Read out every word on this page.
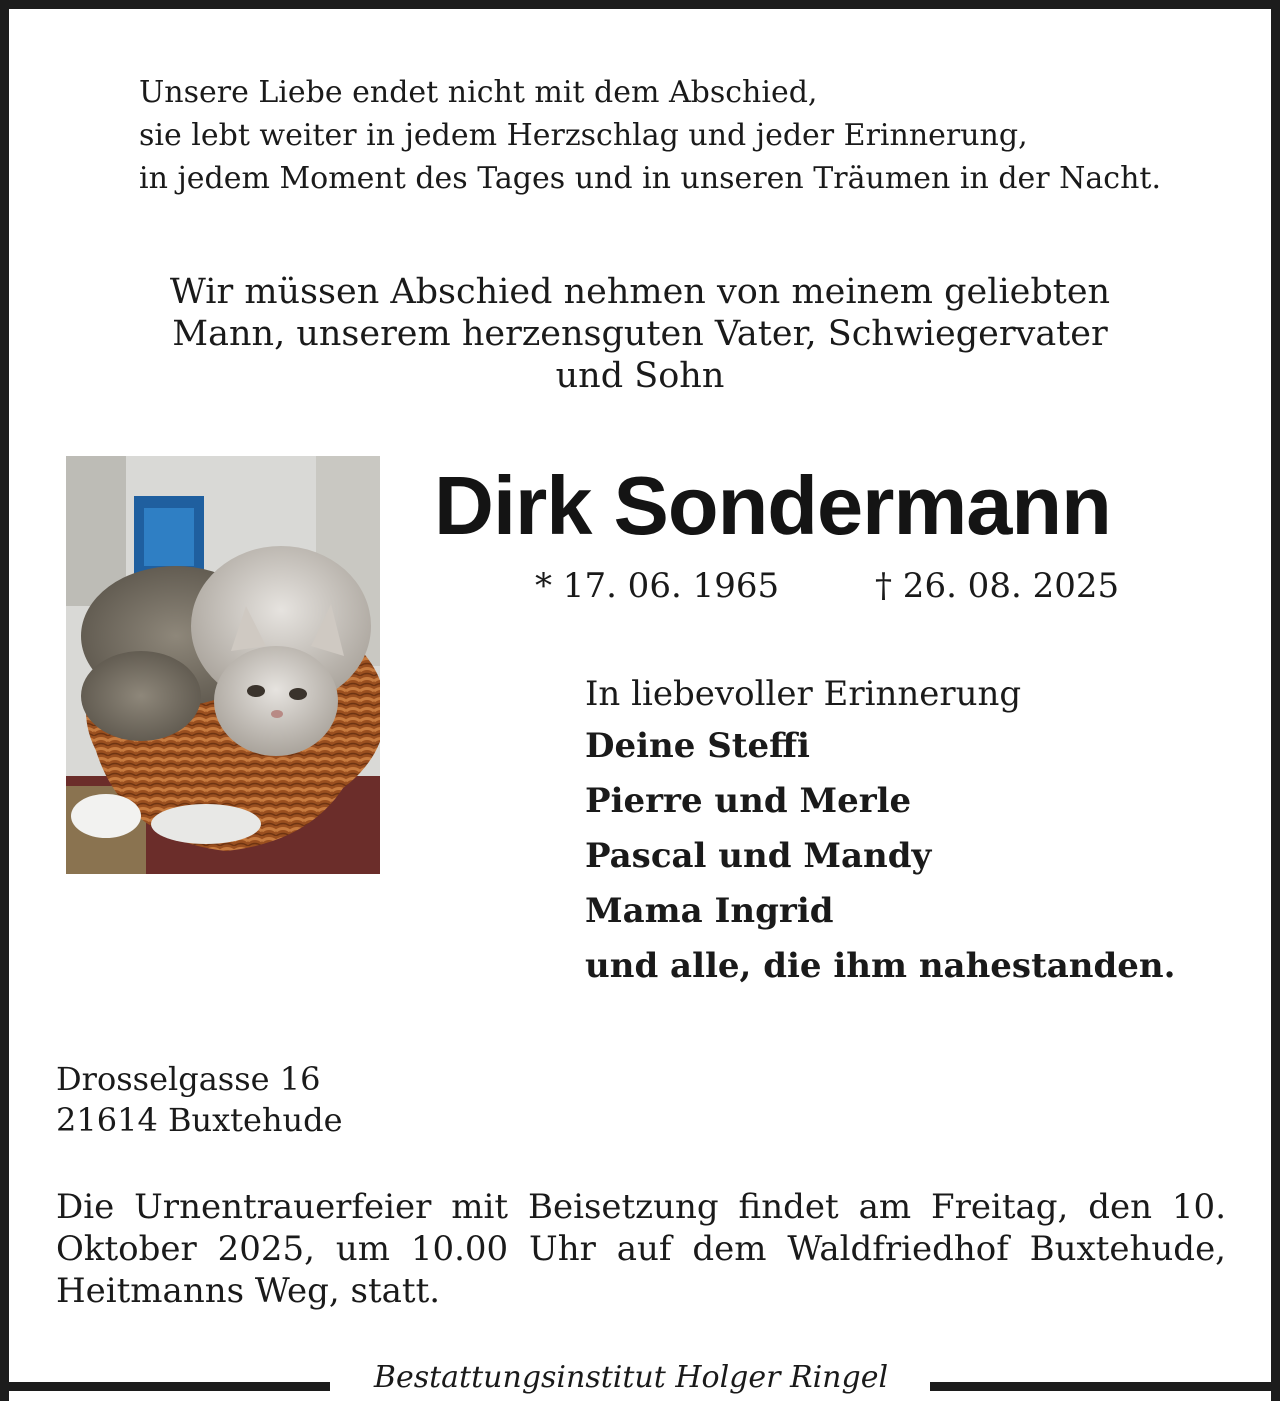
Unsere Liebe endet nicht mit dem Abschied,
sie lebt weiter in jedem Herzschlag und jeder Erinnerung,
in jedem Moment des Tages und in unseren Träumen in der Nacht.
Wir müssen Abschied nehmen von meinem geliebten
Mann, unserem herzensguten Vater, Schwiegervater
und Sohn
Dirk Sondermann
* 17. 06. 1965	† 26. 08. 2025
In liebevoller Erinnerung
Deine Steffi
Pierre und Merle
Pascal und Mandy
Mama Ingrid
und alle, die ihm nahestanden.
Drosselgasse 16
21614 Buxtehude
Die Urnentrauerfeier mit Beisetzung findet am Freitag, den 10. Oktober 2025, um 10.00 Uhr auf dem Waldfriedhof Buxtehude, Heitmanns Weg, statt.
Bestattungsinstitut Holger Ringel
